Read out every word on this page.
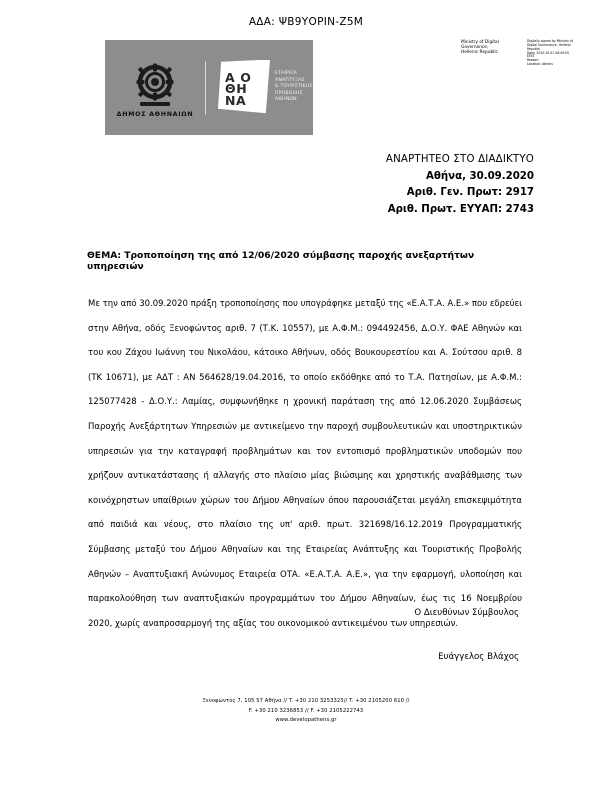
ΑΔΑ: ΨΒ9ΥΟΡΙΝ-Ζ5Μ
Ministry of Digital
Governance,
Hellenic Republic
Digitally signed by Ministry of
Digital Governance, Hellenic
Republic
Date: 2020.10.01 08:49:05
EEST
Reason:
Location: Athens
ΔΗΜΟΣ ΑΘΗΝΑΙΩΝ
Α Ο
ΘΗ
ΝΑ
ΕΤΑΙΡΕΙΑ
ΑΝΑΠΤΥΞΗΣ
& ΤΟΥΡΙΣΤΙΚΗΣ
ΠΡΟΒΟΛΗΣ
ΑΘΗΝΩΝ
ΑΝΑΡΤΗΤΕΟ ΣΤΟ ΔΙΑΔΙΚΤΥΟ
Αθήνα, 30.09.2020
Αριθ. Γεν. Πρωτ: 2917
Αριθ. Πρωτ. ΕΥΥΑΠ: 2743
ΘΕΜΑ: Τροποποίηση της από 12/06/2020 σύμβασης παροχής ανεξαρτήτων υπηρεσιών

Με την από 30.09.2020 πράξη τροποποίησης που υπογράφηκε μεταξύ της «Ε.Α.Τ.Α. Α.Ε.» που εδρεύει στην Αθήνα, οδός Ξενοφώντος αριθ. 7 (Τ.Κ. 10557), με Α.Φ.Μ.: 094492456, Δ.Ο.Υ. ΦΑΕ Αθηνών και του κου Ζάχου Ιωάννη του Νικολάου, κάτοικο Αθήνων, οδός Βουκουρεστίου και Α. Σούτσου αριθ. 8 (ΤΚ 10671), με ΑΔΤ : ΑΝ 564628/19.04.2016, το οποίο εκδόθηκε από το Τ.Α. Πατησίων, με Α.Φ.Μ.: 125077428 - Δ.Ο.Υ.: Λαμίας, συμφωνήθηκε η χρονική παράταση της από 12.06.2020 Συμβάσεως Παροχής Ανεξάρτητων Υπηρεσιών με αντικείμενο την παροχή συμβουλευτικών και υποστηρικτικών υπηρεσιών για την καταγραφή προβλημάτων και τον εντοπισμό προβληματικών υποδομών που χρήζουν αντικατάστασης ή αλλαγής στο πλαίσιο μίας βιώσιμης και χρηστικής αναβάθμισης των κοινόχρηστων υπαίθριων χώρων του Δήμου Αθηναίων όπου παρουσιάζεται μεγάλη επισκεψιμότητα από παιδιά και νέους, στο πλαίσιο της υπ' αριθ. πρωτ. 321698/16.12.2019 Προγραμματικής Σύμβασης μεταξύ του Δήμου Αθηναίων και της Εταιρείας Ανάπτυξης και Τουριστικής Προβολής Αθηνών – Αναπτυξιακή Ανώνυμος Εταιρεία ΟΤΑ. «Ε.Α.Τ.Α. Α.Ε.», για την εφαρμογή, υλοποίηση και παρακολούθηση των αναπτυξιακών προγραμμάτων του Δήμου Αθηναίων, έως τις 16 Νοεμβρίου 2020, χωρίς αναπροσαρμογή της αξίας του οικονομικού αντικειμένου των υπηρεσιών.

Ο Διευθύνων Σύμβουλος
Ευάγγελος Βλάχος
Ξενοφώντος 7, 105 57 Αθήνα // T. +30 210 3253323// T. +30 2105200 610 //
F. +30 210 3236853 // F. +30 2105222743
www.developathens.gr
